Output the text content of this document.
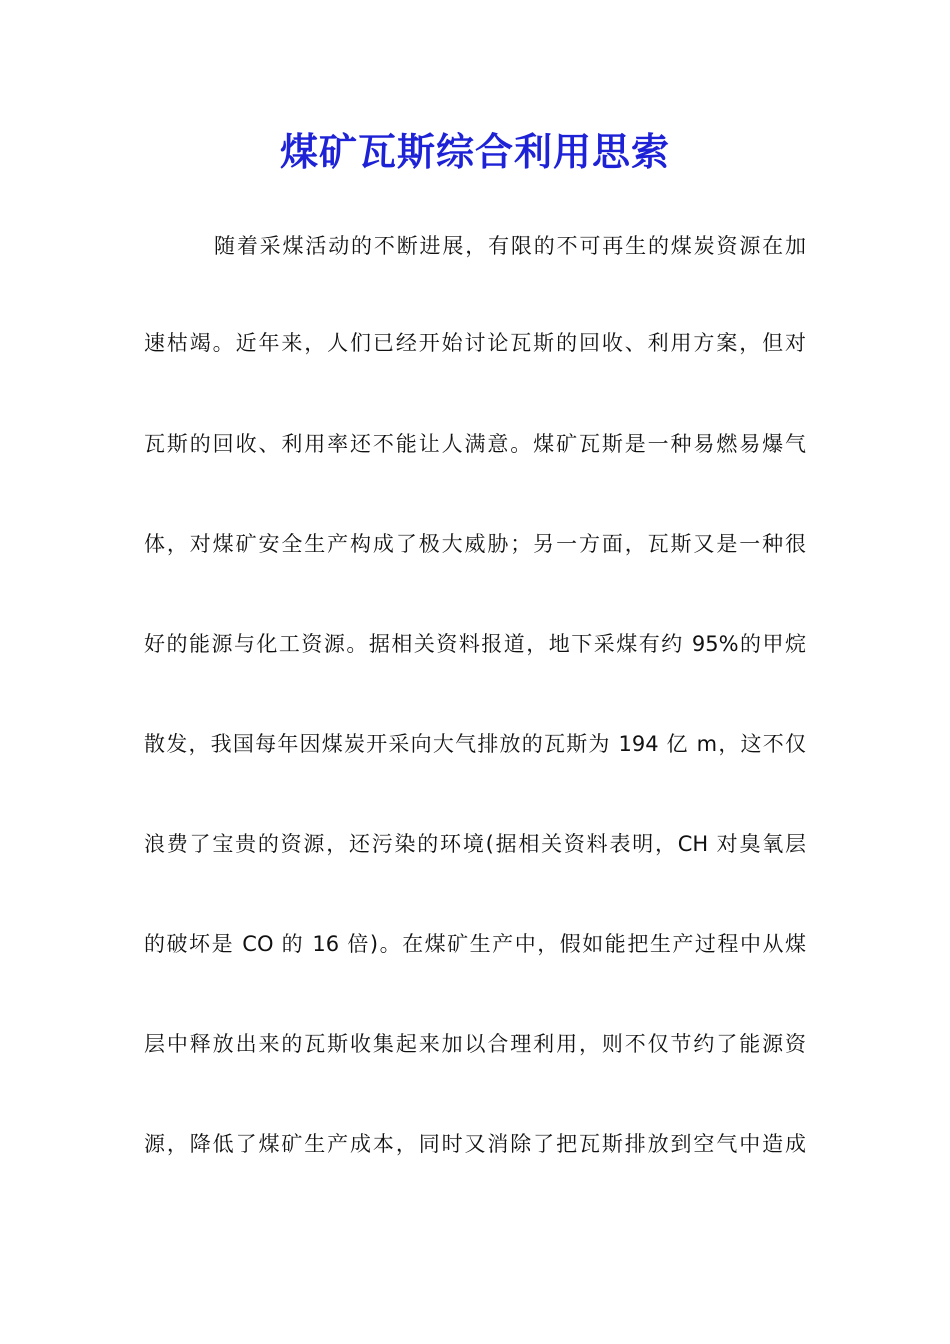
煤矿瓦斯综合利用思索
随着采煤活动的不断进展，有限的不可再生的煤炭资源在加
速枯竭。近年来，人们已经开始讨论瓦斯的回收、利用方案，但对
瓦斯的回收、利用率还不能让人满意。煤矿瓦斯是一种易燃易爆气
体，对煤矿安全生产构成了极大威胁；另一方面，瓦斯又是一种很
好的能源与化工资源。据相关资料报道，地下采煤有约 95%的甲烷
散发，我国每年因煤炭开采向大气排放的瓦斯为 194 亿 m，这不仅
浪费了宝贵的资源，还污染的环境(据相关资料表明，CH 对臭氧层
的破坏是 CO 的 16 倍)。在煤矿生产中，假如能把生产过程中从煤
层中释放出来的瓦斯收集起来加以合理利用，则不仅节约了能源资
源，降低了煤矿生产成本，同时又消除了把瓦斯排放到空气中造成
